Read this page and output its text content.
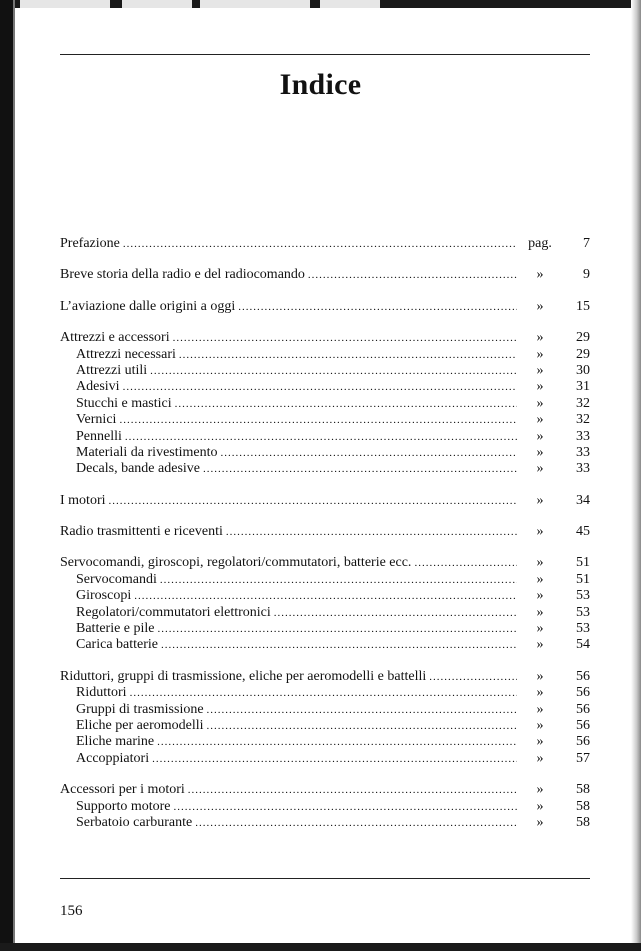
Indice
Prefazione .....	pag.	7
Breve storia della radio e del radiocomando .....	»	9
L’aviazione dalle origini a oggi .....	»	15
Attrezzi e accessori .....	»	29
Attrezzi necessari .....	»	29
Attrezzi utili .....	»	30
Adesivi .....	»	31
Stucchi e mastici .....	»	32
Vernici .....	»	32
Pennelli .....	»	33
Materiali da rivestimento .....	»	33
Decals, bande adesive .....	»	33
I motori .....	»	34
Radio trasmittenti e riceventi .....	»	45
Servocomandi, giroscopi, regolatori/commutatori, batterie ecc. .....	»	51
Servocomandi .....	»	51
Giroscopi .....	»	53
Regolatori/commutatori elettronici .....	»	53
Batterie e pile .....	»	53
Carica batterie .....	»	54
Riduttori, gruppi di trasmissione, eliche per aeromodelli e battelli .....	»	56
Riduttori .....	»	56
Gruppi di trasmissione .....	»	56
Eliche per aeromodelli .....	»	56
Eliche marine .....	»	56
Accoppiatori .....	»	57
Accessori per i motori .....	»	58
Supporto motore .....	»	58
Serbatoio carburante .....	»	58
156
